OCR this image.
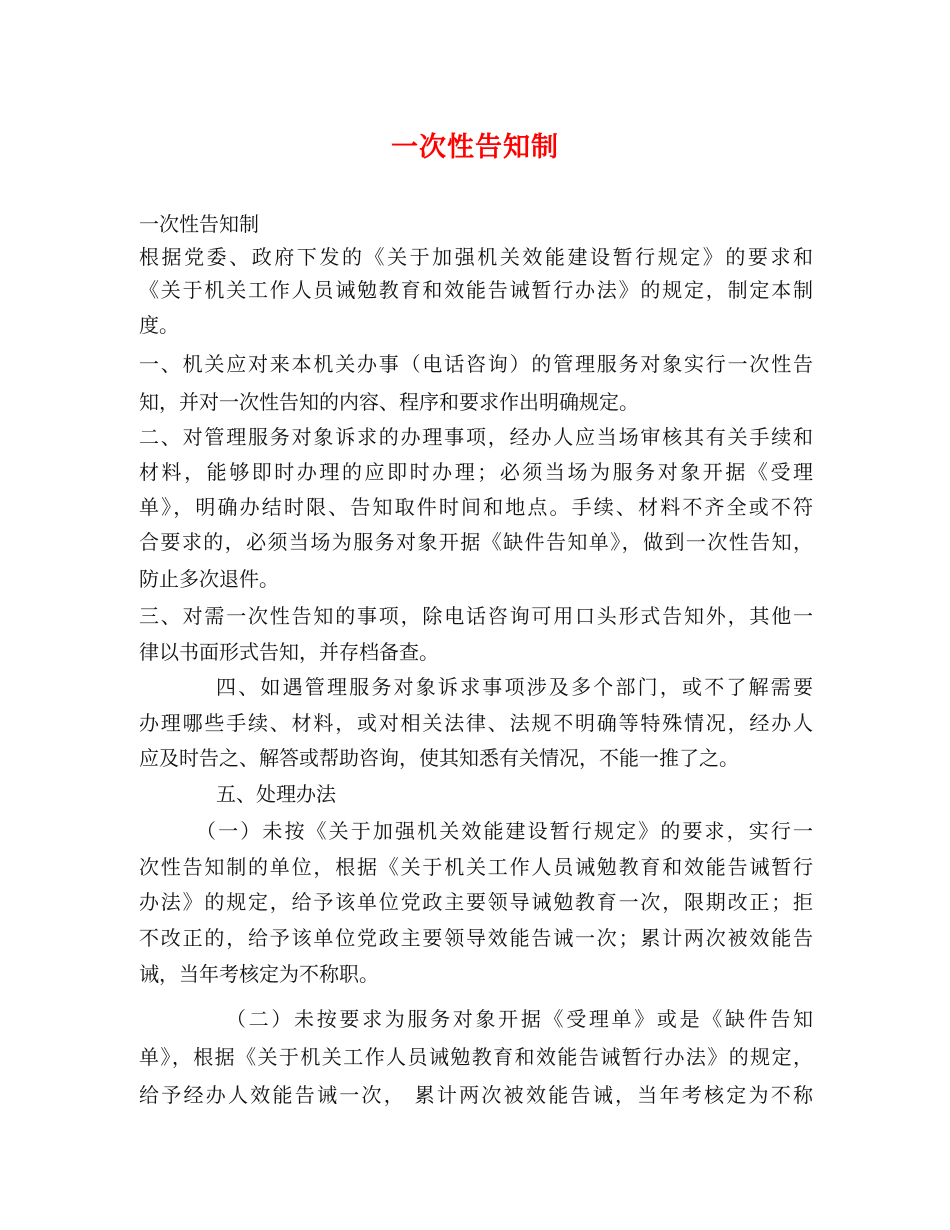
一次性告知制
一次性告知制
根据党委、政府下发的《关于加强机关效能建设暂行规定》的要求和
《关于机关工作人员诫勉教育和效能告诫暂行办法》的规定，制定本制
度。
一、机关应对来本机关办事（电话咨询）的管理服务对象实行一次性告
知，并对一次性告知的内容、程序和要求作出明确规定。
二、对管理服务对象诉求的办理事项，经办人应当场审核其有关手续和
材料，能够即时办理的应即时办理；必须当场为服务对象开据《受理
单》，明确办结时限、告知取件时间和地点。手续、材料不齐全或不符
合要求的，必须当场为服务对象开据《缺件告知单》，做到一次性告知，
防止多次退件。
三、对需一次性告知的事项，除电话咨询可用口头形式告知外，其他一
律以书面形式告知，并存档备查。
四、如遇管理服务对象诉求事项涉及多个部门，或不了解需要
办理哪些手续、材料，或对相关法律、法规不明确等特殊情况，经办人
应及时告之、解答或帮助咨询，使其知悉有关情况，不能一推了之。
五、处理办法
（一）未按《关于加强机关效能建设暂行规定》的要求，实行一
次性告知制的单位，根据《关于机关工作人员诫勉教育和效能告诫暂行
办法》的规定，给予该单位党政主要领导诫勉教育一次，限期改正；拒
不改正的，给予该单位党政主要领导效能告诫一次；累计两次被效能告
诫，当年考核定为不称职。
（二）未按要求为服务对象开据《受理单》或是《缺件告知
单》，根据《关于机关工作人员诫勉教育和效能告诫暂行办法》的规定，
给予经办人效能告诫一次， 累计两次被效能告诫，当年考核定为不称
